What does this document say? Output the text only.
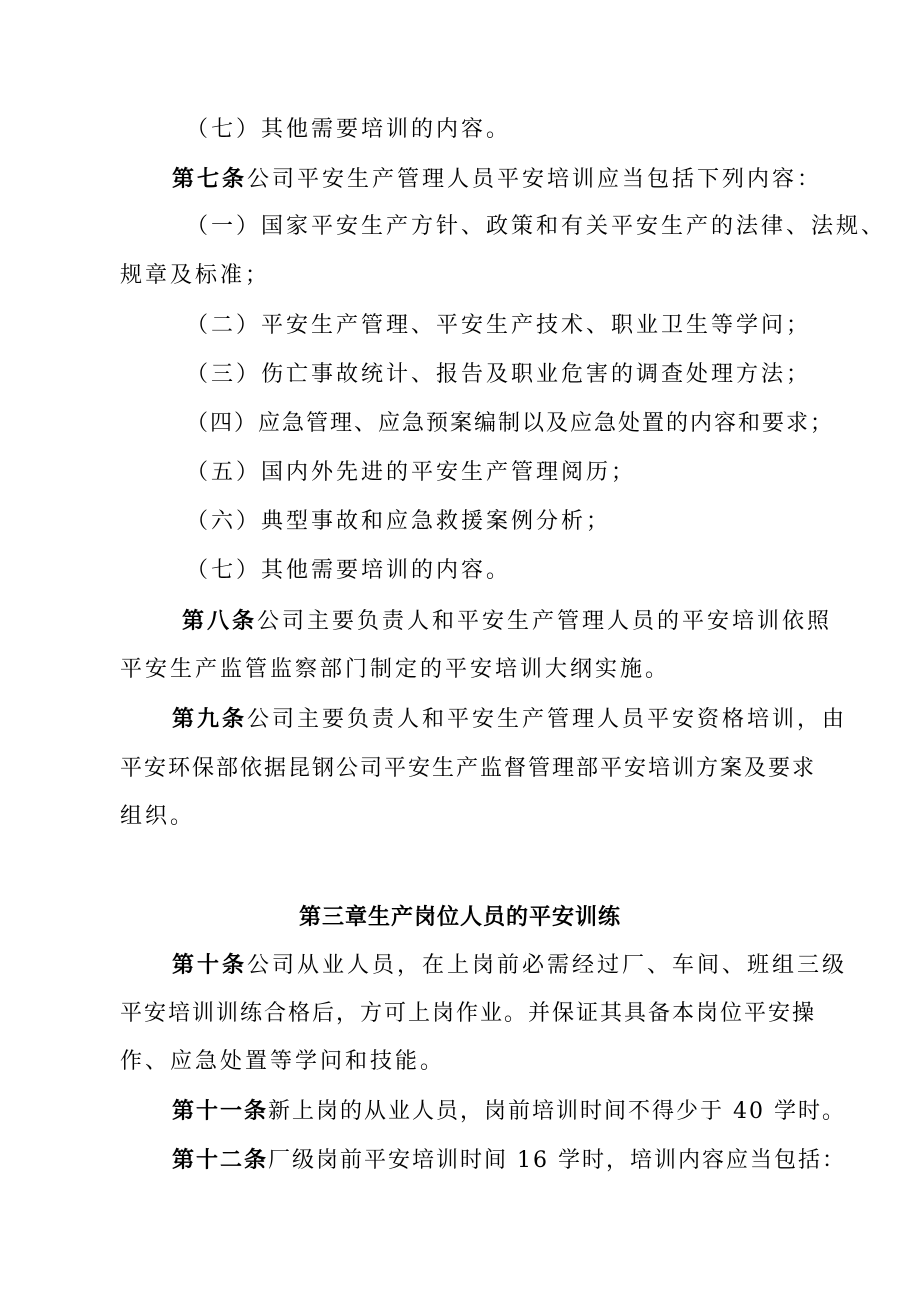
（七）其他需要培训的内容。
第七条公司平安生产管理人员平安培训应当包括下列内容：
（一）国家平安生产方针、政策和有关平安生产的法律、法规、
规章及标准；
（二）平安生产管理、平安生产技术、职业卫生等学问；
（三）伤亡事故统计、报告及职业危害的调查处理方法；
（四）应急管理、应急预案编制以及应急处置的内容和要求；
（五）国内外先进的平安生产管理阅历；
（六）典型事故和应急救援案例分析；
（七）其他需要培训的内容。
第八条公司主要负责人和平安生产管理人员的平安培训依照
平安生产监管监察部门制定的平安培训大纲实施。
第九条公司主要负责人和平安生产管理人员平安资格培训，由
平安环保部依据昆钢公司平安生产监督管理部平安培训方案及要求
组织。
第三章生产岗位人员的平安训练
第十条公司从业人员，在上岗前必需经过厂、车间、班组三级
平安培训训练合格后，方可上岗作业。并保证其具备本岗位平安操
作、应急处置等学问和技能。
第十一条新上岗的从业人员，岗前培训时间不得少于 40 学时。
第十二条厂级岗前平安培训时间 16 学时，培训内容应当包括：
